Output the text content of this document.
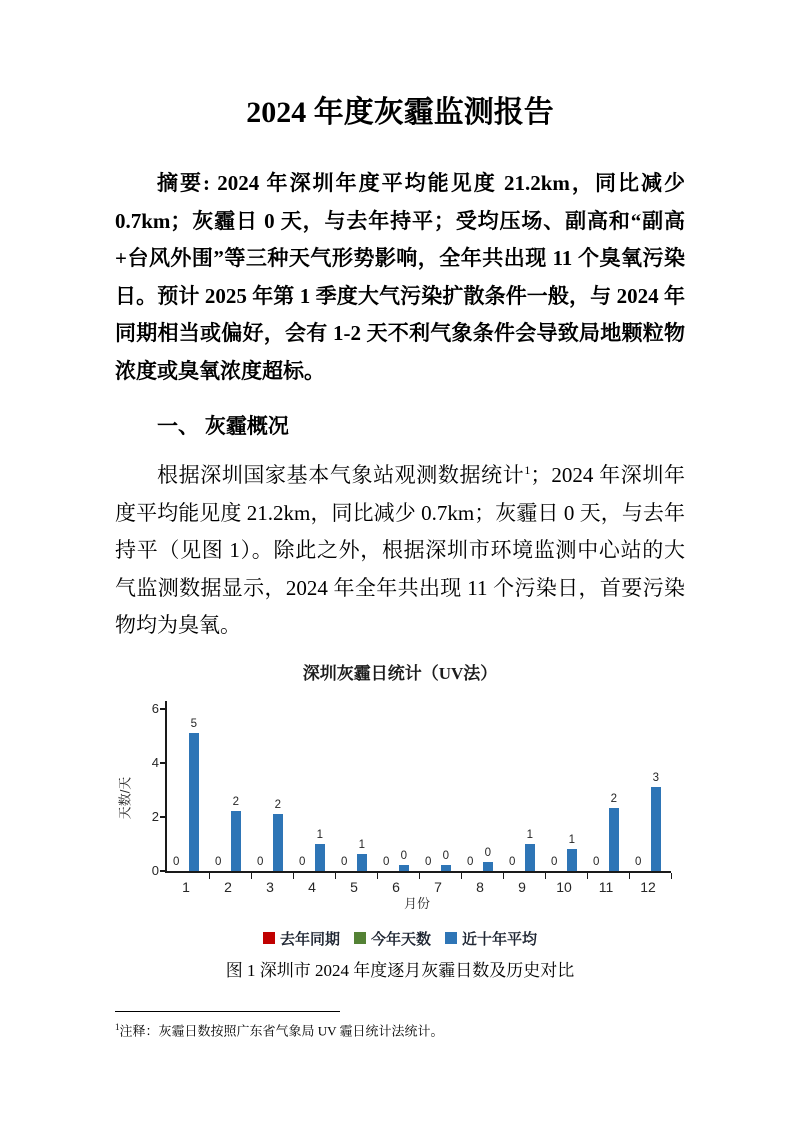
2024 年度灰霾监测报告

摘要: 2024 年深圳年度平均能见度 21.2km，同比减少 0.7km；灰霾日 0 天，与去年持平；受均压场、副高和“副高+台风外围”等三种天气形势影响，全年共出现 11 个臭氧污染日。预计 2025 年第 1 季度大气污染扩散条件一般，与 2024 年同期相当或偏好，会有 1-2 天不利气象条件会导致局地颗粒物浓度或臭氧浓度超标。

一、 灰霾概况

根据深圳国家基本气象站观测数据统计$^1$；2024 年深圳年度平均能见度 21.2km，同比减少 0.7km；灰霾日 0 天，与去年持平（见图 1）。除此之外，根据深圳市环境监测中心站的大气监测数据显示，2024 年全年共出现 11 个污染日，首要污染物均为臭氧。

深圳灰霾日统计（UV法）
天数/天
0
2
4
6
0
5
0
2
0
2
0
1
0
1
0 0 0 0 0
0
0
1
0
1
0
2
0
3
1	2	3	4	5	6	7	8	9	10	11	12
月份
去年同期 今年天数 近十年平均
图 1 深圳市 2024 年度逐月灰霾日数及历史对比
$^1$注释：灰霾日数按照广东省气象局 UV 霾日统计法统计。
